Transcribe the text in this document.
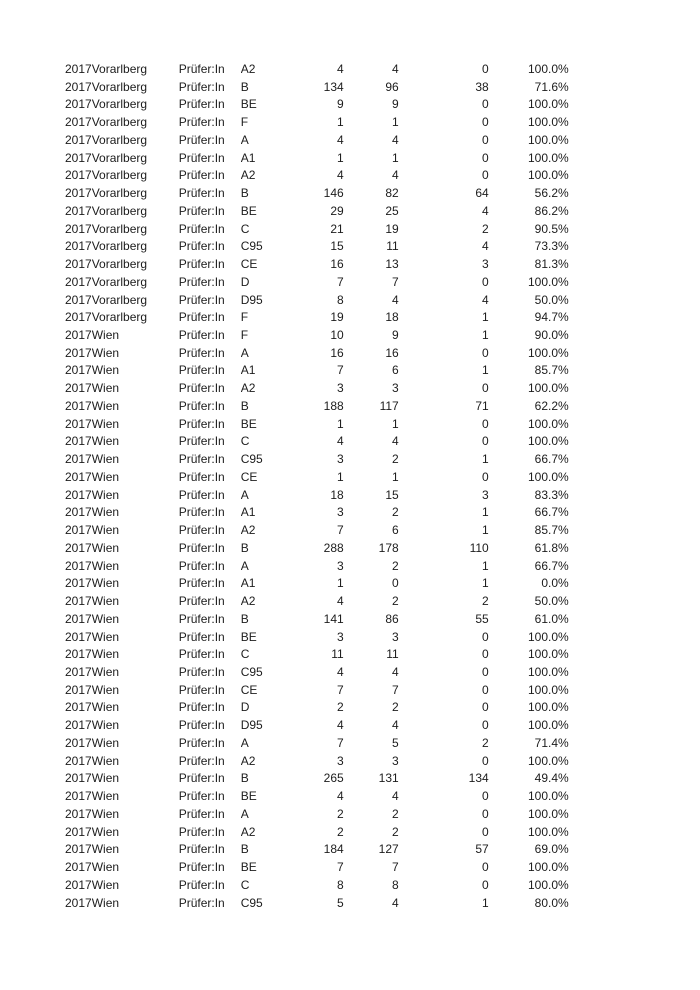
2017	Vorarlberg	Prüfer:In	A2	4	4	0	100.0%
2017	Vorarlberg	Prüfer:In	B	134	96	38	71.6%
2017	Vorarlberg	Prüfer:In	BE	9	9	0	100.0%
2017	Vorarlberg	Prüfer:In	F	1	1	0	100.0%
2017	Vorarlberg	Prüfer:In	A	4	4	0	100.0%
2017	Vorarlberg	Prüfer:In	A1	1	1	0	100.0%
2017	Vorarlberg	Prüfer:In	A2	4	4	0	100.0%
2017	Vorarlberg	Prüfer:In	B	146	82	64	56.2%
2017	Vorarlberg	Prüfer:In	BE	29	25	4	86.2%
2017	Vorarlberg	Prüfer:In	C	21	19	2	90.5%
2017	Vorarlberg	Prüfer:In	C95	15	11	4	73.3%
2017	Vorarlberg	Prüfer:In	CE	16	13	3	81.3%
2017	Vorarlberg	Prüfer:In	D	7	7	0	100.0%
2017	Vorarlberg	Prüfer:In	D95	8	4	4	50.0%
2017	Vorarlberg	Prüfer:In	F	19	18	1	94.7%
2017	Wien	Prüfer:In	F	10	9	1	90.0%
2017	Wien	Prüfer:In	A	16	16	0	100.0%
2017	Wien	Prüfer:In	A1	7	6	1	85.7%
2017	Wien	Prüfer:In	A2	3	3	0	100.0%
2017	Wien	Prüfer:In	B	188	117	71	62.2%
2017	Wien	Prüfer:In	BE	1	1	0	100.0%
2017	Wien	Prüfer:In	C	4	4	0	100.0%
2017	Wien	Prüfer:In	C95	3	2	1	66.7%
2017	Wien	Prüfer:In	CE	1	1	0	100.0%
2017	Wien	Prüfer:In	A	18	15	3	83.3%
2017	Wien	Prüfer:In	A1	3	2	1	66.7%
2017	Wien	Prüfer:In	A2	7	6	1	85.7%
2017	Wien	Prüfer:In	B	288	178	110	61.8%
2017	Wien	Prüfer:In	A	3	2	1	66.7%
2017	Wien	Prüfer:In	A1	1	0	1	0.0%
2017	Wien	Prüfer:In	A2	4	2	2	50.0%
2017	Wien	Prüfer:In	B	141	86	55	61.0%
2017	Wien	Prüfer:In	BE	3	3	0	100.0%
2017	Wien	Prüfer:In	C	11	11	0	100.0%
2017	Wien	Prüfer:In	C95	4	4	0	100.0%
2017	Wien	Prüfer:In	CE	7	7	0	100.0%
2017	Wien	Prüfer:In	D	2	2	0	100.0%
2017	Wien	Prüfer:In	D95	4	4	0	100.0%
2017	Wien	Prüfer:In	A	7	5	2	71.4%
2017	Wien	Prüfer:In	A2	3	3	0	100.0%
2017	Wien	Prüfer:In	B	265	131	134	49.4%
2017	Wien	Prüfer:In	BE	4	4	0	100.0%
2017	Wien	Prüfer:In	A	2	2	0	100.0%
2017	Wien	Prüfer:In	A2	2	2	0	100.0%
2017	Wien	Prüfer:In	B	184	127	57	69.0%
2017	Wien	Prüfer:In	BE	7	7	0	100.0%
2017	Wien	Prüfer:In	C	8	8	0	100.0%
2017	Wien	Prüfer:In	C95	5	4	1	80.0%
